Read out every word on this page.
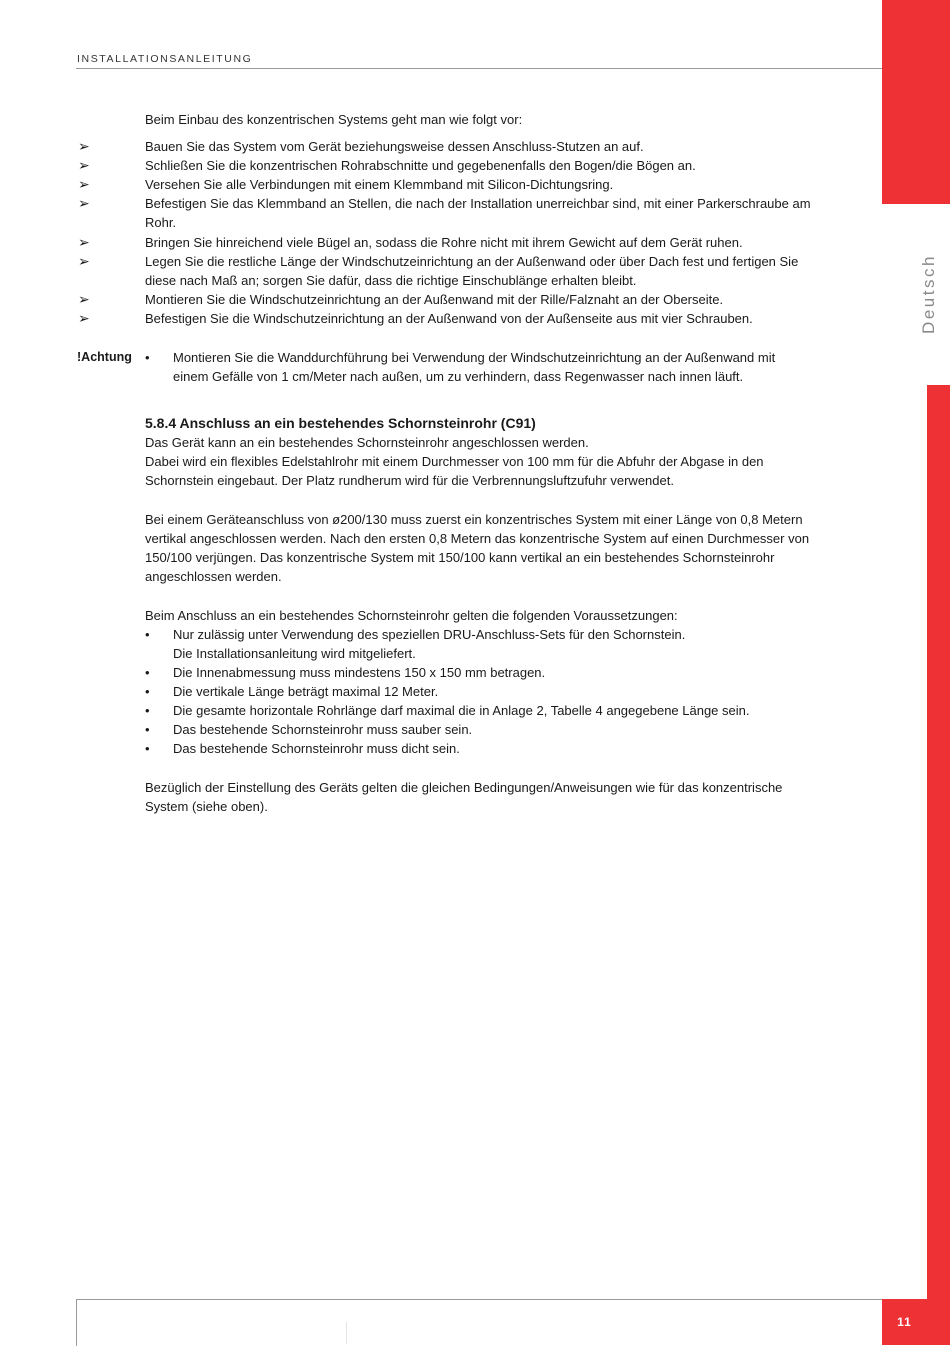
INSTALLATIONSANLEITUNG
Deutsch
Beim Einbau des konzentrischen Systems geht man wie folgt vor:
➢	Bauen Sie das System vom Gerät beziehungsweise dessen Anschluss-Stutzen an auf.
➢	Schließen Sie die konzentrischen Rohrabschnitte und gegebenenfalls den Bogen/die Bögen an.
➢	Versehen Sie alle Verbindungen mit einem Klemmband mit Silicon-Dichtungsring.
➢	Befestigen Sie das Klemmband an Stellen, die nach der Installation unerreichbar sind, mit einer Parkerschraube am
Rohr.
➢	Bringen Sie hinreichend viele Bügel an, sodass die Rohre nicht mit ihrem Gewicht auf dem Gerät ruhen.
➢	Legen Sie die restliche Länge der Windschutzeinrichtung an der Außenwand oder über Dach fest und fertigen Sie
diese nach Maß an; sorgen Sie dafür, dass die richtige Einschublänge erhalten bleibt.
➢	Montieren Sie die Windschutzeinrichtung an der Außenwand mit der Rille/Falznaht an der Oberseite.
➢	Befestigen Sie die Windschutzeinrichtung an der Außenwand von der Außenseite aus mit vier Schrauben.
!Achtung • Montieren Sie die Wanddurchführung bei Verwendung der Windschutzeinrichtung an der Außenwand mit
einem Gefälle von 1 cm/Meter nach außen, um zu verhindern, dass Regenwasser nach innen läuft.
5.8.4 Anschluss an ein bestehendes Schornsteinrohr (C91)
Das Gerät kann an ein bestehendes Schornsteinrohr angeschlossen werden.
Dabei wird ein flexibles Edelstahlrohr mit einem Durchmesser von 100 mm für die Abfuhr der Abgase in den
Schornstein eingebaut. Der Platz rundherum wird für die Verbrennungsluftzufuhr verwendet.
Bei einem Geräteanschluss von ø200/130 muss zuerst ein konzentrisches System mit einer Länge von 0,8 Metern
vertikal angeschlossen werden. Nach den ersten 0,8 Metern das konzentrische System auf einen Durchmesser von
150/100 verjüngen. Das konzentrische System mit 150/100 kann vertikal an ein bestehendes Schornsteinrohr
angeschlossen werden.
Beim Anschluss an ein bestehendes Schornsteinrohr gelten die folgenden Voraussetzungen:
• Nur zulässig unter Verwendung des speziellen DRU-Anschluss-Sets für den Schornstein.
Die Installationsanleitung wird mitgeliefert.
• Die Innenabmessung muss mindestens 150 x 150 mm betragen.
• Die vertikale Länge beträgt maximal 12 Meter.
• Die gesamte horizontale Rohrlänge darf maximal die in Anlage 2, Tabelle 4 angegebene Länge sein.
• Das bestehende Schornsteinrohr muss sauber sein.
• Das bestehende Schornsteinrohr muss dicht sein.
Bezüglich der Einstellung des Geräts gelten die gleichen Bedingungen/Anweisungen wie für das konzentrische
System (siehe oben).
11
